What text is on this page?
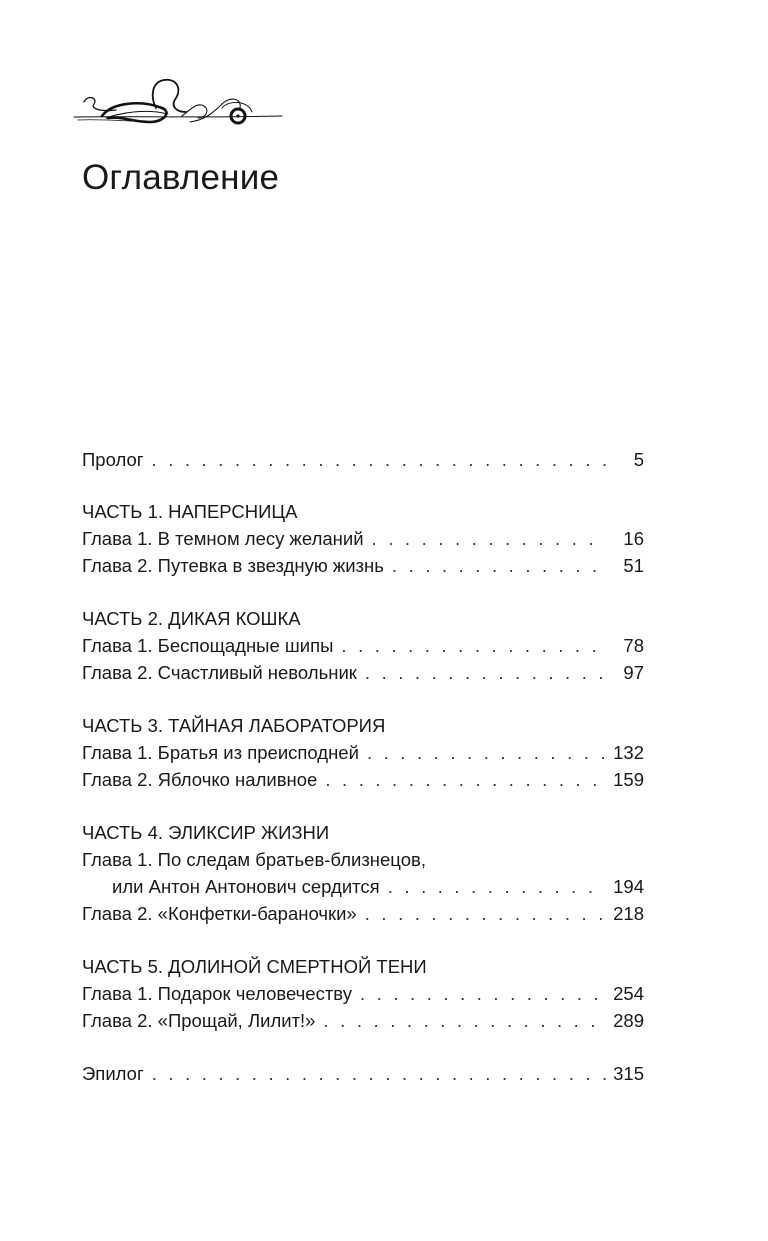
Оглавление
Пролог . . .	5
ЧАСТЬ 1. НАПЕРСНИЦА
Глава 1. В темном лесу желаний . . .	16
Глава 2. Путевка в звездную жизнь . . .	51
ЧАСТЬ 2. ДИКАЯ КОШКА
Глава 1. Беспощадные шипы . . .	78
Глава 2. Счастливый невольник . . .	97
ЧАСТЬ 3. ТАЙНАЯ ЛАБОРАТОРИЯ
Глава 1. Братья из преисподней . . .	132
Глава 2. Яблочко наливное . . .	159
ЧАСТЬ 4. ЭЛИКСИР ЖИЗНИ
Глава 1. По следам братьев-близнецов,
или Антон Антонович сердится . . .	194
Глава 2. «Конфетки-бараночки» . . .	218
ЧАСТЬ 5. ДОЛИНОЙ СМЕРТНОЙ ТЕНИ
Глава 1. Подарок человечеству . . .	254
Глава 2. «Прощай, Лилит!» . . .	289
Эпилог . . .	315
